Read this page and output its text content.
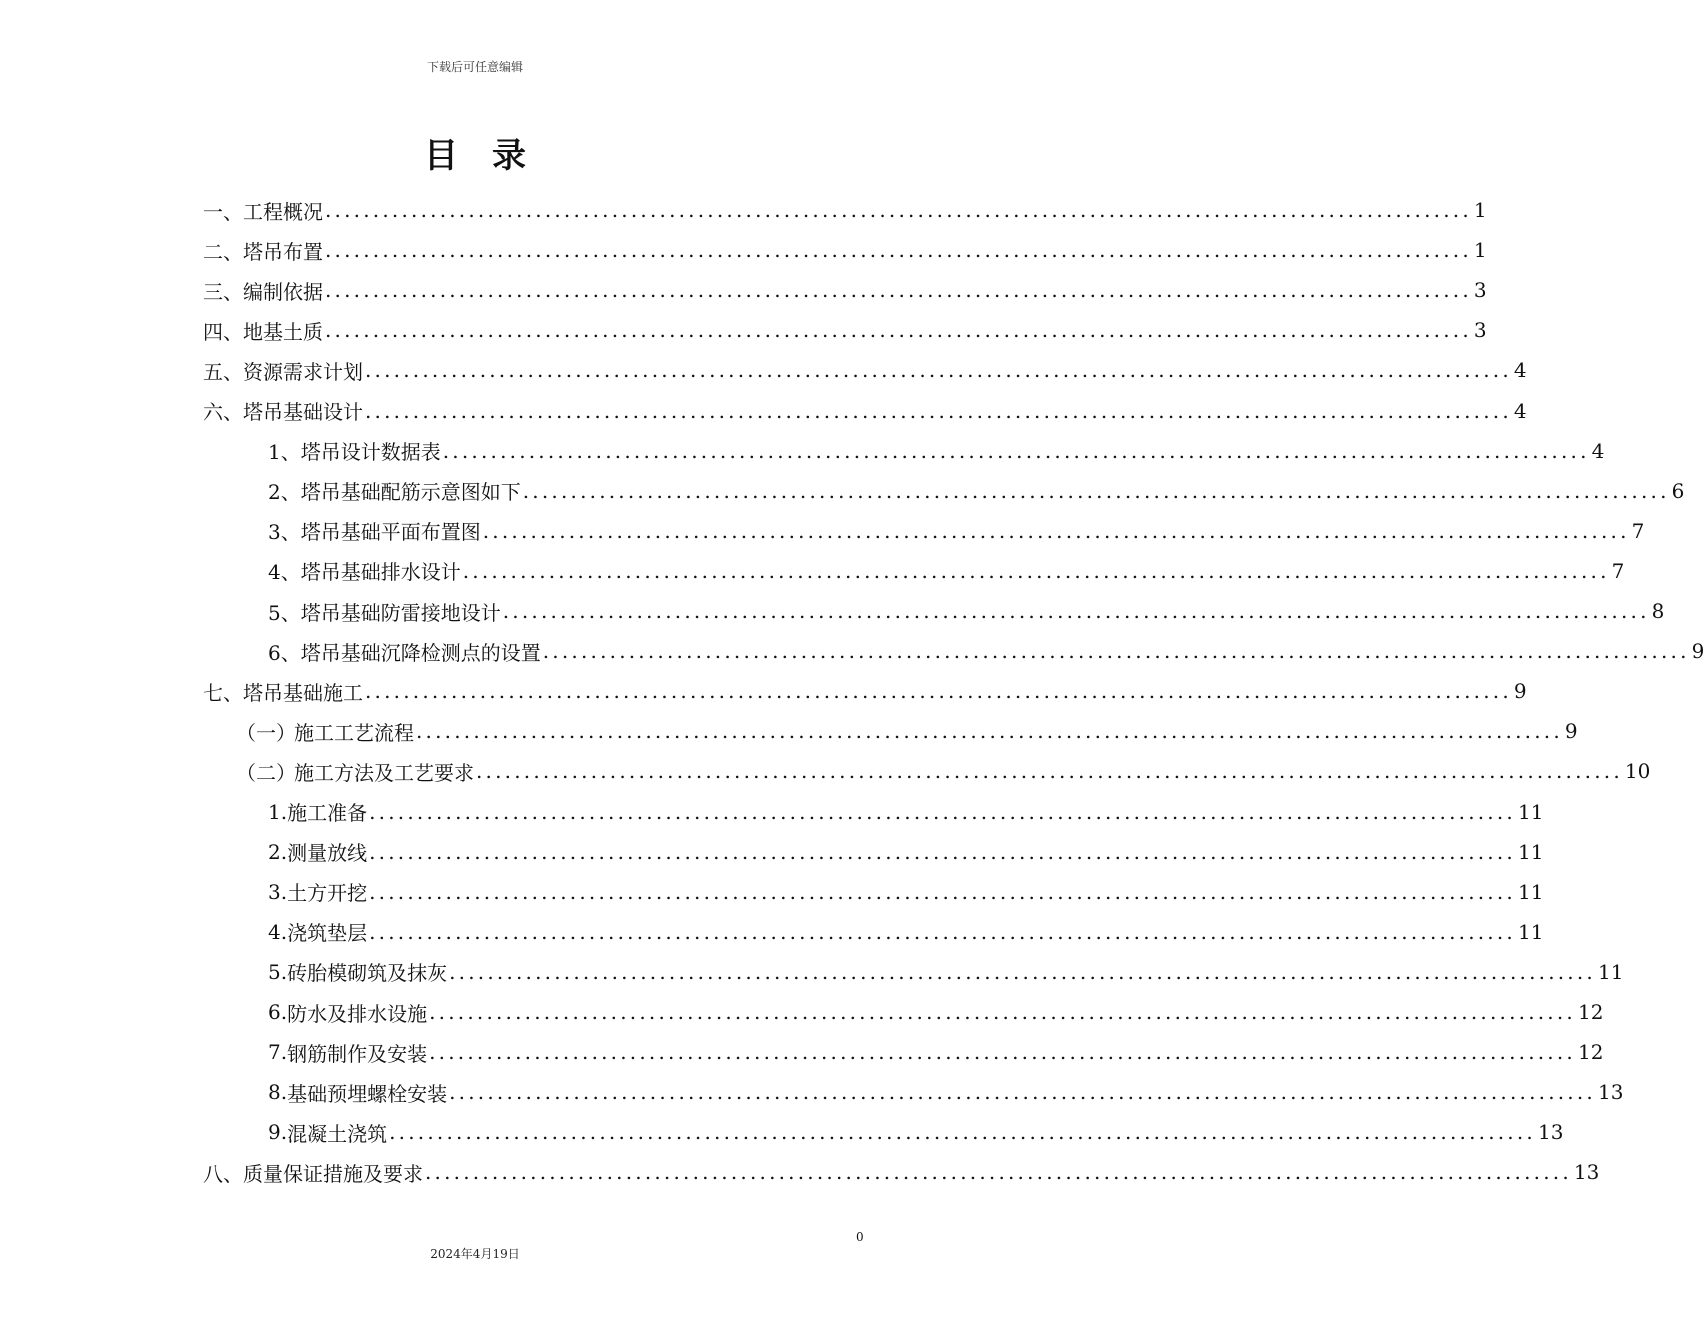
下载后可任意编辑
目 录
一、 工程概况 ........................................................................................................................ 1
二、 塔吊布置 ........................................................................................................................ 1
三、 编制依据 ........................................................................................................................ 3
四、 地基土质 ........................................................................................................................ 3
五、 资源需求计划 ........................................................................................................................ 4
六、 塔吊基础设计 ........................................................................................................................ 4
1、 塔吊设计数据表 ........................................................................................................................ 4
2、 塔吊基础配筋示意图如下 ........................................................................................................................ 6
3、 塔吊基础平面布置图 ........................................................................................................................ 7
4、 塔吊基础排水设计 ........................................................................................................................ 7
5、 塔吊基础防雷接地设计 ........................................................................................................................ 8
6、 塔吊基础沉降检测点的设置 ........................................................................................................................ 9
七、 塔吊基础施工 ........................................................................................................................ 9
（一）
施工工艺流程 ........................................................................................................................ 9
（二）
施工方法及工艺要求 ........................................................................................................................ 10
1. 施工准备 ........................................................................................................................ 11
2. 测量放线 ........................................................................................................................ 11
3. 土方开挖 ........................................................................................................................ 11
4. 浇筑垫层 ........................................................................................................................ 11
5. 砖胎模砌筑及抹灰 ........................................................................................................................ 11
6. 防水及排水设施 ........................................................................................................................ 12
7. 钢筋制作及安装 ........................................................................................................................ 12
8. 基础预埋螺栓安装 ........................................................................................................................ 13
9. 混凝土浇筑 ........................................................................................................................ 13
八、 质量保证措施及要求 ........................................................................................................................ 13
0
2024年4月19日
